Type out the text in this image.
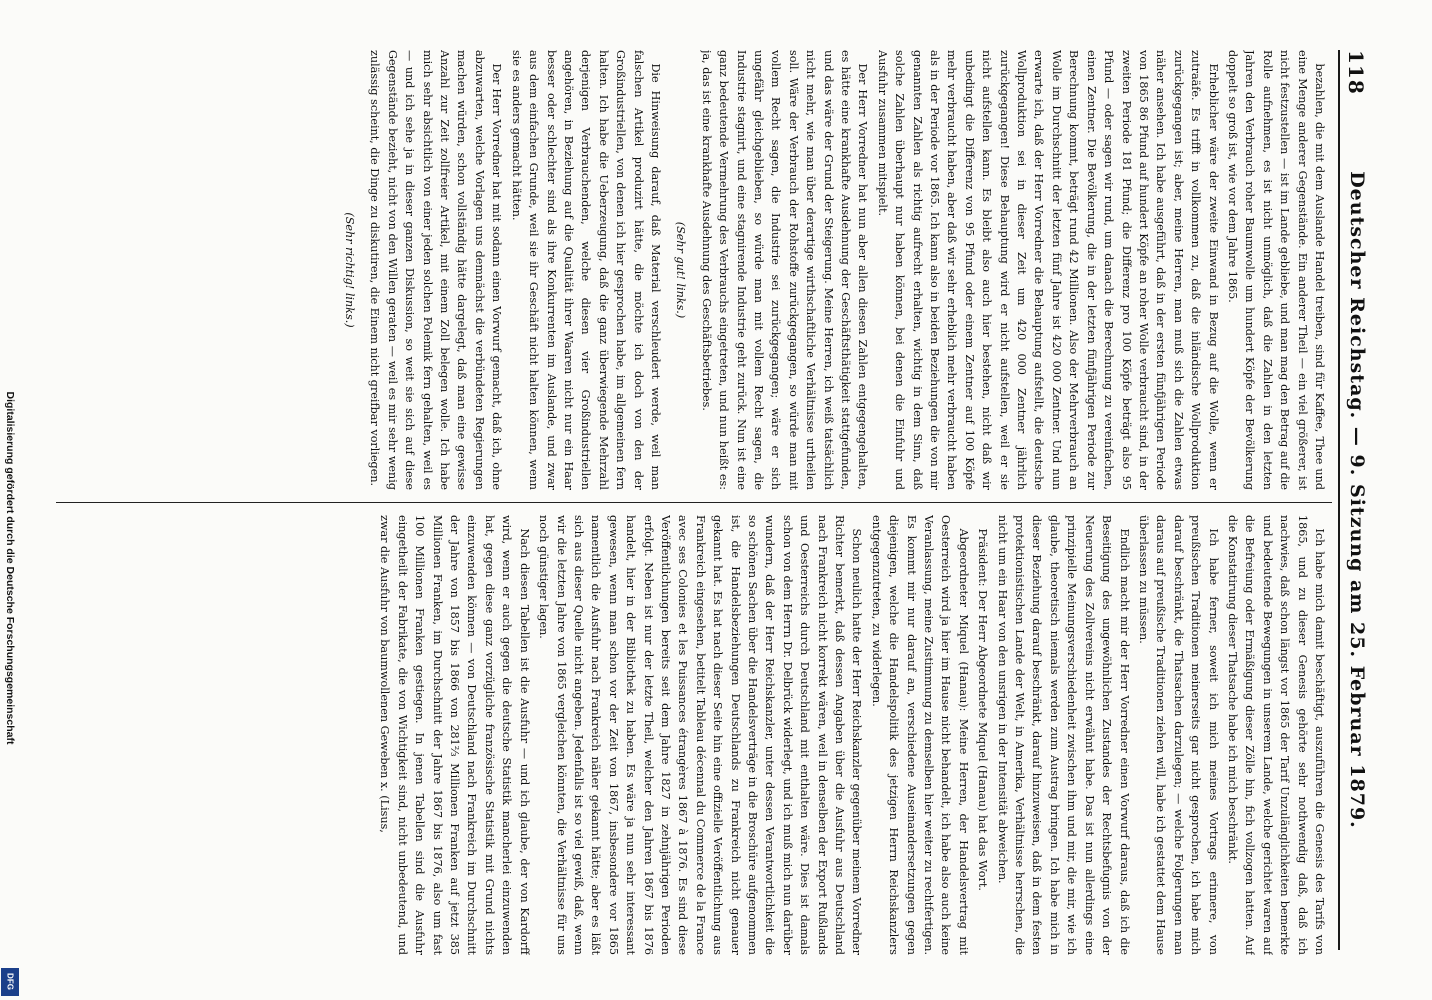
Digitalisierung gefördert durch die Deutsche Forschungsgemeinschaft
DFG
118
Deutscher Reichstag. — 9. Sitzung am 25. Februar 1879.

bezahlen, die mit dem Auslande Handel treiben, sind für Kaffee, Thee und eine Menge anderer Gegenstände. Ein anderer Theil — ein viel größerer, ist nicht festzustellen — ist im Lande gebliebe, und man mag den Betrag auf die Rolle aufnehmen, es ist nicht unmöglich, daß die Zahlen in den letzten Jahren den Verbrauch roher Baumwolle um hundert Köpfe der Bevölkerung doppelt so groß ist, wie vor dem Jahre 1865.

Erheblicher wäre der zweite Einwand in Bezug auf die Wolle, wenn er zutraäfe. Es trifft in vollkommen zu, daß die inländische Wollproduktion zurückgegangen ist; aber, meine Herren, man muß sich die Zahlen etwas näher ansehen. Ich habe ausgeführt, daß in der ersten fünfjährigen Periode von 1865 86 Pfund auf hundert Köpfe an roher Wolle verbraucht sind, in der zweiten Periode 181 Pfund; die Differenz pro 100 Köpfe beträgt also 95 Pfund — oder sagen wir rund, um danach die Berechnung zu vereinfachen, einen Zentner. Die Bevölkerung, die in der letzten fünfjährigen Periode zur Berechnung kommt, beträgt rund 42 Millionen. Also der Mehrverbrauch an Wolle im Durchschnitt der letzten fünf Jahre ist 420 000 Zentner. Und nun erwarte ich, daß der Herr Vorredner die Behauptung aufstellt, die deutsche Wollproduktion sei in dieser Zeit um 420 000 Zentner jährlich zurückgegangen! Diese Behauptung wird er nicht aufstellen, weil er sie nicht aufstellen kann. Es bleibt also auch hier bestehen, nicht daß wir unbedingt die Differenz von 95 Pfund oder einem Zentner auf 100 Köpfe mehr verbraucht haben, aber daß wir sehr erheblich mehr verbraucht haben als in der Periode vor 1865. Ich kann also in beiden Beziehungen die von mir genannten Zahlen als richtig aufrecht erhalten, wichtig in dem Sinn, daß solche Zahlen überhaupt nur haben können, bei denen die Einfuhr und Ausfuhr zusammen mitspielt.

Der Herr Vorredner hat nun aber allen diesen Zahlen entgegengehalten, es hätte eine krankhafte Ausdehnung der Geschäftsthätigkeit stattgefunden, und das wäre der Grund der Steigerung. Meine Herren, ich weiß tatsächlich nicht mehr, wie man über derartige wirthschaftliche Verhältnisse urtheilen soll. Wäre der Verbrauch der Rohstoffe zurückgegangen, so würde man mit vollem Recht sagen, die Industrie sei zurückgegangen; wäre er sich ungefähr gleichgeblieben, so würde man mit vollem Recht sagen, die Industrie stagnirt, und eine stagnirende Industrie geht zurück. Nun ist eine ganz bedeutende Vermehrung des Verbrauchs eingetreten, und nun heißt es: ja, das ist eine krankhafte Ausdehnung des Geschäftsbetriebes.

(Sehr gut! links.)

Die Hinweisung darauf, daß Material verschleudert werde, weil man falschen Artikel produzirt hätte, die möchte ich doch von den der Großindustriellen, von denen ich hier gesprochen habe, im allgemeinen fern halten. Ich habe die Ueberzeugung, daß die ganz überwiegende Mehrzahl derjenigen Verbrauchenden, welche diesen vier Großindustriellen angehören, in Beziehung auf die Qualität ihrer Waaren nicht nur ein Haar besser oder schlechter sind als ihre Konkurrenten im Auslande, und zwar aus dem einfachen Grunde, weil sie ihr Geschäft nicht halten können, wenn sie es anders gemacht hätten.

Der Herr Vorredner hat mit sodann einen Vorwurf gemacht, daß ich, ohne abzuwarten, welche Vorlagen uns demnächst die verbündeten Regierungen machen würden, schon vollständig hätte dargelegt, daß man eine gewisse Anzahl zur Zeit zollfreier Artikel, mit einem Zoll belegen wolle. Ich habe mich sehr absichtlich von einer jeden solchen Polemik fern gehalten, weil es — und ich sehe ja in dieser ganzen Diskussion, so weit sie sich auf diese Gegenstände bezieht, nicht von den Willen geraten — weil es mir sehr wenig zulässig scheint, die Dinge zu diskutiren, die Einem nicht greifbar vorliegen.

(Sehr richtig! links.)

Ich habe mich damit beschäftigt, auszuführen die Genesis des Tarifs von 1865, und zu dieser Genesis gehörte sehr nothwendig daß, daß ich nachwies, daß schon längst vor 1865 der Tarif Unzulänglichkeiten bemerkte und bedeutende Bewegungen in unserem Lande, welche gerichtet waren auf die Befreiung oder Ermäßigung dieser Zölle hin, fich vollzogen hatten. Auf die Konstatirung dieser Thatsache habe ich mich beschränkt.

Ich habe ferner, soweit ich mich meines Vortrags erinnere, von preußischen Traditionen meinerseits gar nicht gesprochen, ich habe mich darauf beschränkt, die Thatsachen darzulegen; — welche Folgerungen man daraus auf preußische Traditionen ziehen will, habe ich gestattet dem Hause überlassen zu müssen.

Endlich macht mir der Herr Vorredner einen Vorwurf daraus, daß ich die Beseitigung des ungewöhnlichen Zustandes der Rechtsbefugnis von der Neuerung des Zollvereins nicht erwähnt habe. Das ist nun allerdings eine prinzipielle Meinungsverschiedenheit zwischen ihm und mir, die mir, wie ich glaube, theoretisch niemals werden zum Austrag bringen. Ich habe mich in dieser Beziehung darauf beschränkt, darauf hinzuweisen, daß in dem festen protektionistischen Lande der Welt, in Amerika, Verhältnisse herrschen, die nicht um ein Haar von den unsrigen in der Intensität abweichen.

Präsident: Der Herr Abgeordnete Miquel (Hanau) hat das Wort.

Abgeordneter Miquel (Hanau): Meine Herren, der Handelsvertrag mit Oesterreich wird ja hier im Hause nicht behandelt, ich habe also auch keine Veranlassung, meine Zustimmung zu demselben hier weiter zu rechtfertigen. Es kommt mir nur darauf an, verschiedene Auseinandersetzungen gegen diejenigen, welche die Handelspolitik des jetzigen Herrn Reichskanzlers entgegenzutreten, zu widerlegen.

Schon neulich hatte der Herr Reichskanzler gegenüber meinem Vorredner Richter bemerkt, daß dessen Angaben über die Ausfuhr aus Deutschland nach Frankreich nicht korrekt wären, weil in denselben der Export Rußlands und Oesterreichs durch Deutschland mit enthalten wäre. Dies ist damals schon von dem Herrn Dr. Delbrück widerlegt, und ich muß mich nun darüber wundern, daß der Herr Reichskanzler, unter dessen Verantwortlichkeit die so schönen Sachen über die Handelsverträge in die Broschüre aufgenommen ist, die Handelsbeziehungen Deutschlands zu Frankreich nicht genauer gekannt hat. Es hat nach dieser Seite hin eine offizielle Veröffentlichung aus Frankreich eingesehen, betitelt Tableau décennal du Commerce de la France avec ses Colonies et les Puissances étrangères 1867 à 1876. Es sind diese Veröffentlichungen bereits seit dem Jahre 1827 in zehnjährigen Perioden erfolgt. Neben ist nur der letzte Theil, welcher den Jahren 1867 bis 1876 handelt, hier in der Bibliothek zu haben. Es wäre ja nun sehr interessant gewesen, wenn man schon vor der Zeit von 1867, insbesondere vor 1865 namentlich die Ausfuhr nach Frankreich näher gekannt hätte; aber es läßt sich aus dieser Quelle nicht angeben. Jedenfalls ist so viel gewiß, daß, wenn wir die letzten Jahre von 1865 vergleichen könnten, die Verhältnisse für uns noch günstiger lagen.

Nach diesen Tabellen ist die Ausfuhr — und ich glaube, der von Kardorff wird, wenn er auch gegen die deutsche Statistik mancherlei einzuwenden hat, gegen diese ganz vorzügliche französische Statistik mit Grund nichts einzuwenden können — von Deutschland nach Frankreich im Durchschnitt der Jahre von 1857 bis 1866 von 281⅔ Millionen Franken auf jetzt 385 Millionen Franken, im Durchschnitt der Jahre 1867 bis 1876, also um fast 100 Millionen Franken gestiegen. In jenen Tabellen sind die Ausfuhr eingetheilt der Fabrikate, die von Wichtigkeit sind, nicht unbedeutend, und zwar die Ausfuhr von baumwollenen Geweben x. (Lisus,
